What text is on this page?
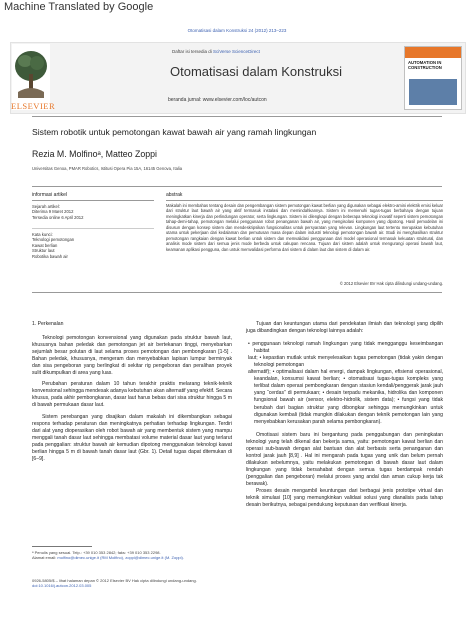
Machine Translated by Google
Otomatisasi dalam Konstruksi 24 (2012) 213–223
ELSEVIER
Daftar isi tersedia di SciVerse ScienceDirect
Otomatisasi dalam Konstruksi
beranda jurnal: www.elsevier.com/loc/autcon
AUTOMATION IN CONSTRUCTION
Sistem robotik untuk pemotongan kawat bawah air yang ramah lingkungan
Rezia M. Molfinoᵃ, Matteo Zoppi
Universitas Genoa, PMAR Robotics, Istitusi Opera Pia 15A, 16145 Genova, Italia
informasi artikel
Sejarah artikel:
Diterima 9 Maret 2012
Tersedia online 6 April 2012
Kata kunci:
Teknologi pemotongan
Kawat berlian
Struktur laut
Robotika bawah air
abstrak
Makalah ini membahas tentang desain dan pengembangan sistem pemotongan kawat berlian yang digunakan sebagai elektro-amini elektrik emisi keluar dari struktur laut bawah air yang aktif termasuk instalasi dan memindahkannya. Sistem ini memenuhi tugas-tugas berbahaya dengan tujuan meningkatkan kinerja dan perlindungan operator, serta lingkungan. Sistem ini dilengkapi dengan beberapa teknologi inovatif seperti sistem pemotongan tahap-demi-tahap, pemotongan melalui penggunaan robot penanganan bawah air, yang mengisolasi komponen yang dipotong. Hasil pemodelan ini disusun dengan konsep sistem dan mendeskripsikan fungsionalitas untuk persyaratan yang relevan. Lingkungan laut tertentu merupakan kebutuhan utama untuk pekerjaan dari kedalaman dan pemutusan masa depan dalam industri teknologi pemotongan bawah air. Studi ini menghasilkan struktur pemotongan rangkaian dengan kawat berlian untuk sistem dan memvalidasi penggunaan dari model operasional termasuk kekuatan struktural, dan analisis mode sistem dari semua jenis mode berbeda untuk cakupan rencana. Tujuan dari sistem adalah untuk mengurangi operasi bawah laut, keamanan aplikasi pengguna, dan untuk memvalidasi performa dari sistem di dalam laut dan sistem di dalam air.
© 2012 Elsevier BV Hak cipta dilindungi undang-undang.

1. Perkenalan

Teknologi pemotongan konvensional yang digunakan pada struktur bawah laut, khususnya bahan peledak dan pemotongan jet air bertekanan tinggi, menyebarkan sejumlah besar polutan di laut selama proses pemotongan dan pembongkaran [1-5] . Bahan peledak, khususnya, mengeram dan menyebabkan lapisan lumpur berminyak dan sisa pengeboran yang berlingkat di sekitar rig pengeboran dan peralihan proyek sulit dikumpulkan di area yang luas.

Perubahan peraturan dalam 10 tahun terakhir praktis melarang teknik-teknik konvensional sehingga mendesak adanya kebutuhan akan alternatif yang efektif. Secara khusus, pada akhir pembongkaran, dasar laut harus bebas dari sisa struktur hingga 5 m di bawah permukaan dasar laut.

Sistem perebangan yang disajikan dalam makalah ini dikembangkan sebagai respons terhadap peraturan dan meningkatnya perhatian terhadap lingkungan. Terdiri dari alat yang dioperasikan oleh robot bawah air yang membentuk sistem yang mampu menggali tanah dasar laut sehingga membatasi volume material dasar laut yang terlarut pada penggalian: struktur bawah air kemudian dipotong menggunakan teknologi kawat berlian hingga 5 m di bawah tanah dasar laut (Gbr. 1). Detail tugas dapat ditemukan di [6–9].

ᵃ Penulis yang sesuai. Telp.: +39 010 353 2842; faks: +39 010 353 2298.
Alamat email: molfino@dimec.unige.it (RM Molfino), zoppi@dimec.unige.it (M. Zoppi).
0926-5805/$ – lihat halaman depan © 2012 Elsevier BV Hak cipta dilindungi undang-undang.
doi:10.1016/j.autcon.2012.03.005

Tujuan dan keuntungan utama dari pendekatan ilmiah dan teknologi yang dipilih juga dibandingkan dengan teknologi lainnya adalah:

• penggunaan teknologi ramah lingkungan yang tidak mengganggu keseimbangan habitat

laut; • kepastian mutlak untuk menyelesaikan tugas pemotongan (tidak yakin dengan teknologi pemotongan

alternatif); • optimalisasi dalam hal energi, dampak lingkungan, efisiensi operasional, keandalan, konsumsi kawat berlian; • otomatisasi tugas-tugas kompleks yang terlibat dalam operasi pembongkaran dengan stasiun kendali/penggerak jarak jauh yang “cerdas” di permukaan; • desain terpadu mekanika, hidrolika dan komponen fungsional bawah air (sensor, elektro-hidrolik, sistem data); • fungsi yang tidak berubah dari bagian struktur yang dibongkar sehingga memungkinkan untuk digunakan kembali (tidak mungkin dilakukan dengan teknik pemotongan lain yang menyebabkan kerusakan parah selama pembongkaran).

Omotisasi sistem baru ini bergantung pada penggabungan dan peningkatan teknologi yang telah dikenal dan bekerja sama, yaitu: pemotongan kawat berlian dan operasi sub-bawah dengan alat bantuan dan alat berbasis serta penanganan dan kontrol jarak jauh [8,9] . Hal ini mengarah pada tugas yang unik dan belum pernah dilakukan sebelumnya, yaitu melakukan pemotongan di bawah dasar laut dalam lingkungan yang tidak bersahabat dengan semua tugas berdampak rendah (penggalian dan pengeboran) melalui proses yang andal dan aman cukup kerja tak berawak).

Proses desain mengambil keuntungan dari berbagai jenis prototipe virtual dan teknik simulasi [10] yang memungkinkan validasi solusi yang dianalisis pada tahap desain berikutnya, sebagai pendukung keputusan dan verifikasi kinerja.
